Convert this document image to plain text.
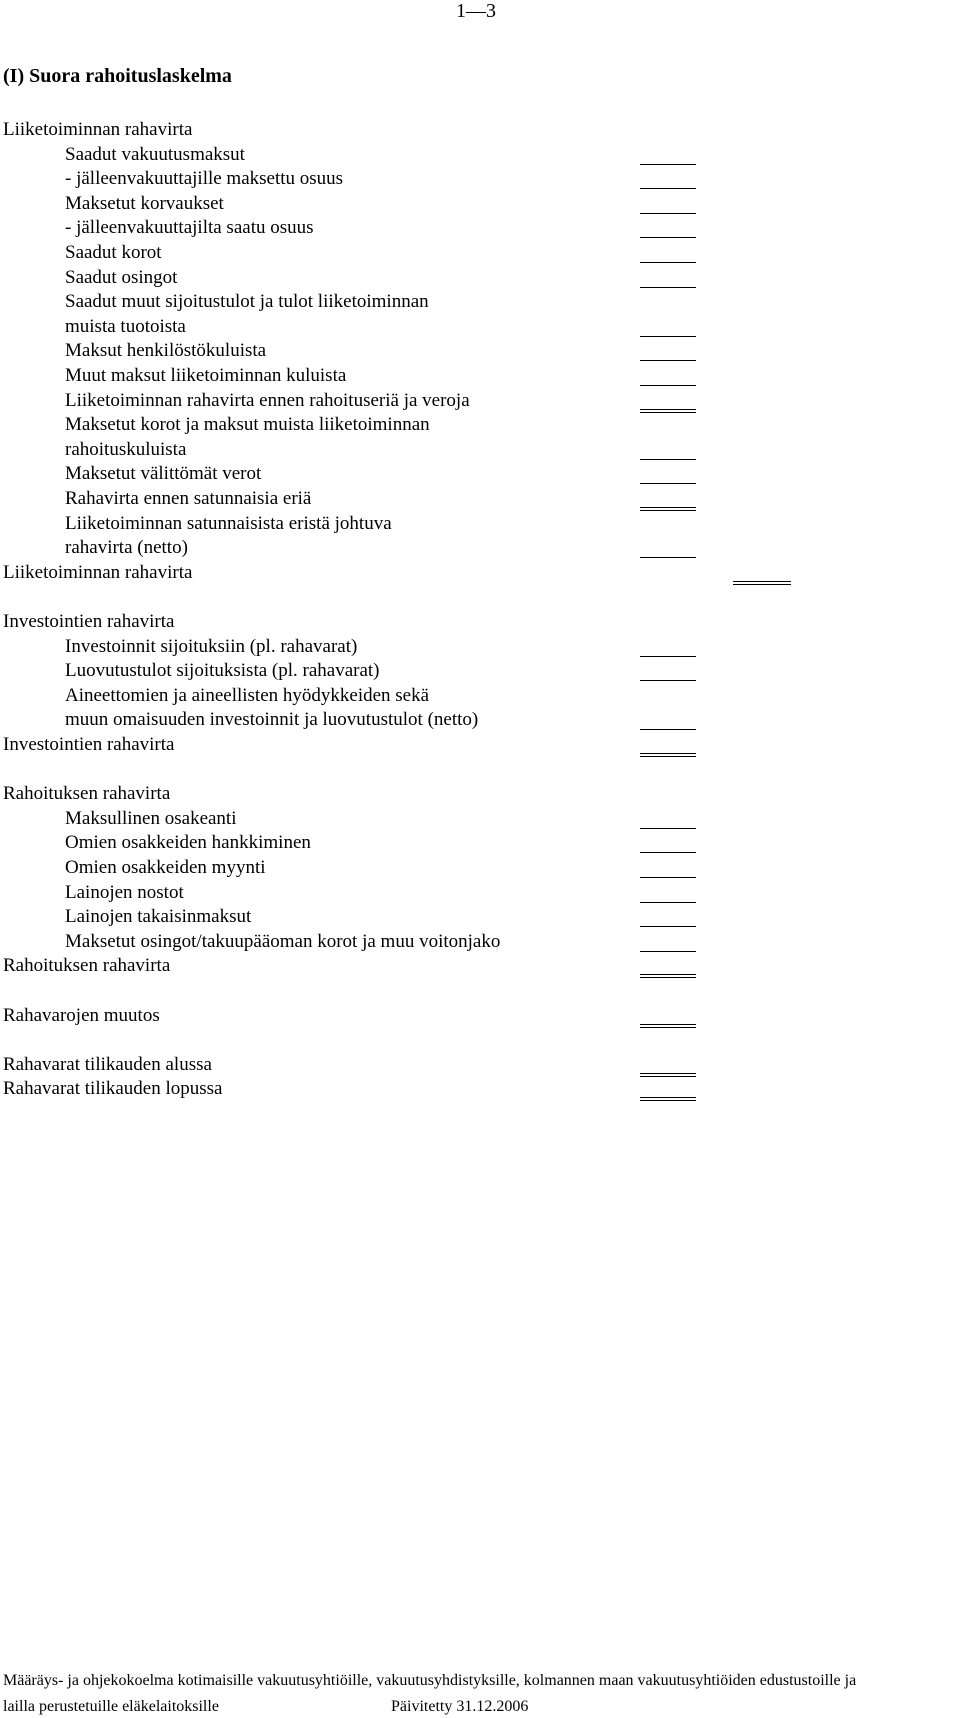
1—3
(I) Suora rahoituslaskelma
Liiketoiminnan rahavirta
Saadut vakuutusmaksut
- jälleenvakuuttajille maksettu osuus
Maksetut korvaukset
- jälleenvakuuttajilta saatu osuus
Saadut korot
Saadut osingot
Saadut muut sijoitustulot ja tulot liiketoiminnan
muista tuotoista
Maksut henkilöstökuluista
Muut maksut liiketoiminnan kuluista
Liiketoiminnan rahavirta ennen rahoituseriä ja veroja
Maksetut korot ja maksut muista liiketoiminnan
rahoituskuluista
Maksetut välittömät verot
Rahavirta ennen satunnaisia eriä
Liiketoiminnan satunnaisista eristä johtuva
rahavirta (netto)
Liiketoiminnan rahavirta
Investointien rahavirta
Investoinnit sijoituksiin (pl. rahavarat)
Luovutustulot sijoituksista (pl. rahavarat)
Aineettomien ja aineellisten hyödykkeiden sekä
muun omaisuuden investoinnit ja luovutustulot (netto)
Investointien rahavirta
Rahoituksen rahavirta
Maksullinen osakeanti
Omien osakkeiden hankkiminen
Omien osakkeiden myynti
Lainojen nostot
Lainojen takaisinmaksut
Maksetut osingot/takuupääoman korot ja muu voitonjako
Rahoituksen rahavirta
Rahavarojen muutos
Rahavarat tilikauden alussa
Rahavarat tilikauden lopussa
Määräys- ja ohjekokoelma kotimaisille vakuutusyhtiöille, vakuutusyhdistyksille, kolmannen maan vakuutusyhtiöiden edustustoille ja
lailla perustetuille eläkelaitoksille	Päivitetty 31.12.2006
